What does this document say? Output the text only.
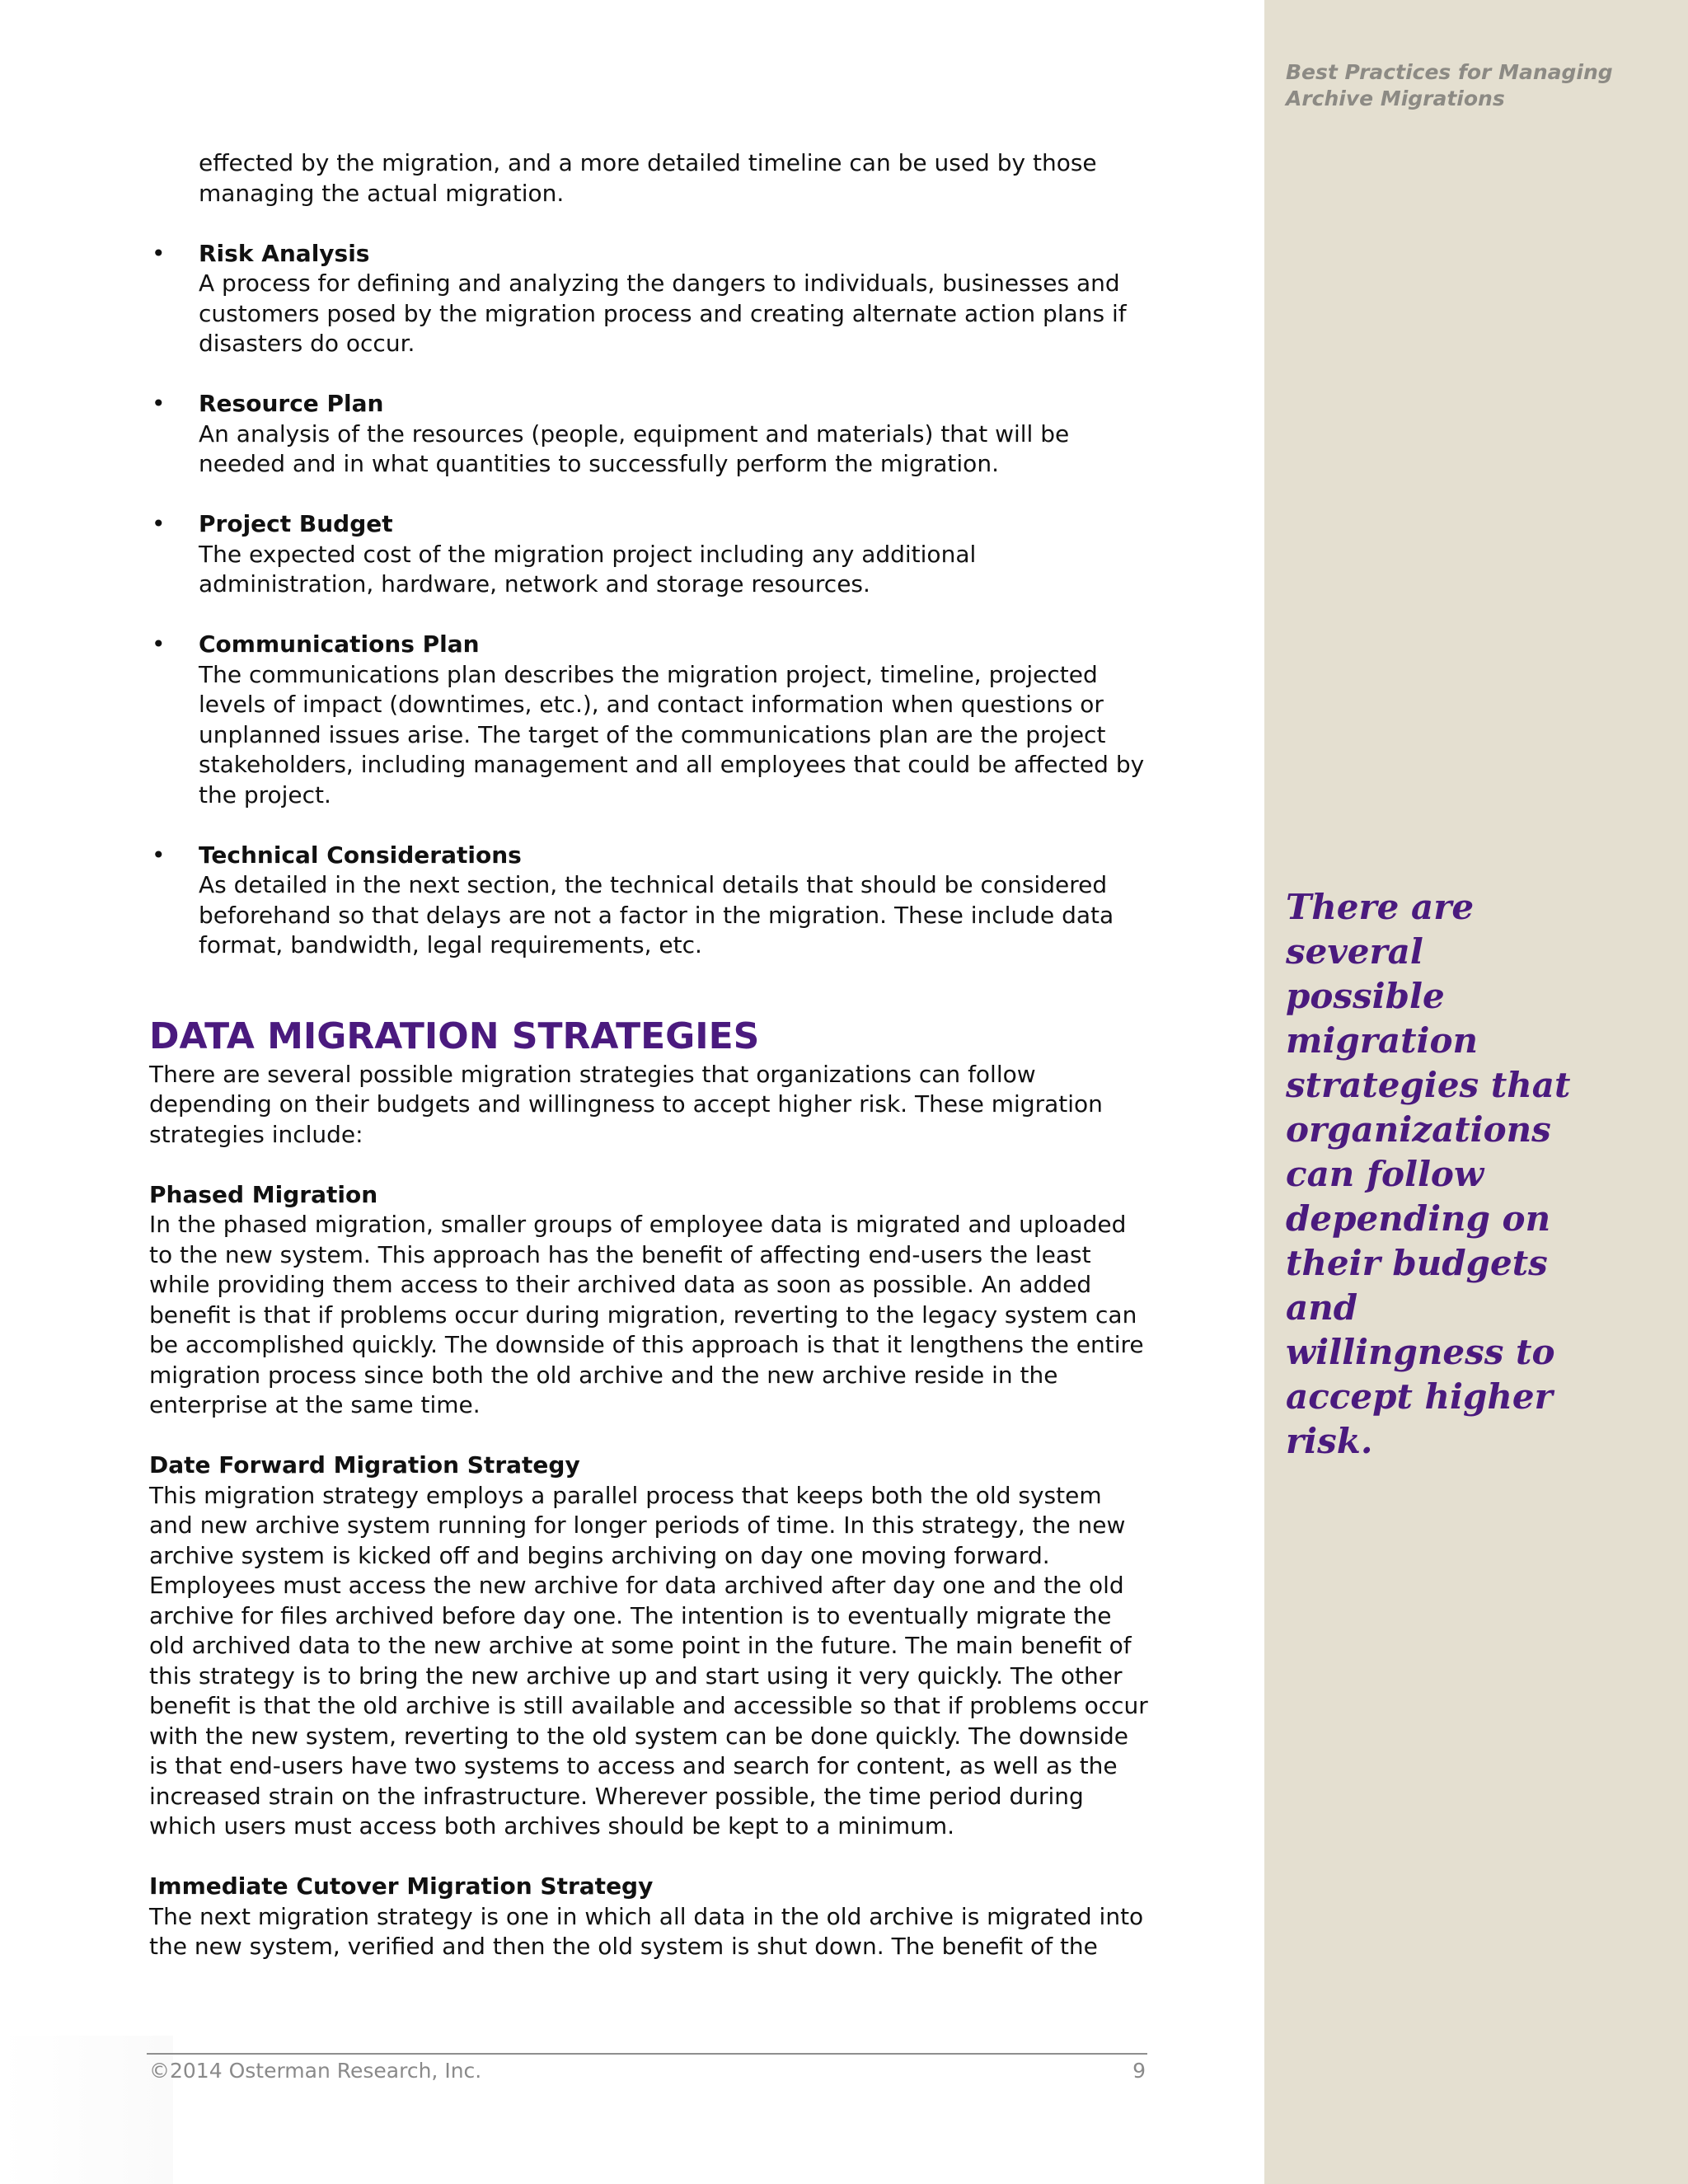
Best Practices for Managing
Archive Migrations
There are several
possible
migration
strategies that
organizations
can follow
depending on
their budgets and
willingness to
accept higher
risk.
effected by the migration, and a more detailed timeline can be used by those
managing the actual migration.
• Risk Analysis
A process for defining and analyzing the dangers to individuals, businesses and
customers posed by the migration process and creating alternate action plans if
disasters do occur.
• Resource Plan
An analysis of the resources (people, equipment and materials) that will be
needed and in what quantities to successfully perform the migration.
• Project Budget
The expected cost of the migration project including any additional
administration, hardware, network and storage resources.
• Communications Plan
The communications plan describes the migration project, timeline, projected
levels of impact (downtimes, etc.), and contact information when questions or
unplanned issues arise. The target of the communications plan are the project
stakeholders, including management and all employees that could be affected by
the project.
• Technical Considerations
As detailed in the next section, the technical details that should be considered
beforehand so that delays are not a factor in the migration. These include data
format, bandwidth, legal requirements, etc.
DATA MIGRATION STRATEGIES
There are several possible migration strategies that organizations can follow
depending on their budgets and willingness to accept higher risk. These migration
strategies include:
Phased Migration
In the phased migration, smaller groups of employee data is migrated and uploaded
to the new system. This approach has the benefit of affecting end-users the least
while providing them access to their archived data as soon as possible. An added
benefit is that if problems occur during migration, reverting to the legacy system can
be accomplished quickly. The downside of this approach is that it lengthens the entire
migration process since both the old archive and the new archive reside in the
enterprise at the same time.
Date Forward Migration Strategy
This migration strategy employs a parallel process that keeps both the old system
and new archive system running for longer periods of time. In this strategy, the new
archive system is kicked off and begins archiving on day one moving forward.
Employees must access the new archive for data archived after day one and the old
archive for files archived before day one. The intention is to eventually migrate the
old archived data to the new archive at some point in the future. The main benefit of
this strategy is to bring the new archive up and start using it very quickly. The other
benefit is that the old archive is still available and accessible so that if problems occur
with the new system, reverting to the old system can be done quickly. The downside
is that end-users have two systems to access and search for content, as well as the
increased strain on the infrastructure. Wherever possible, the time period during
which users must access both archives should be kept to a minimum.
Immediate Cutover Migration Strategy
The next migration strategy is one in which all data in the old archive is migrated into
the new system, verified and then the old system is shut down. The benefit of the
©2014 Osterman Research, Inc.	9
